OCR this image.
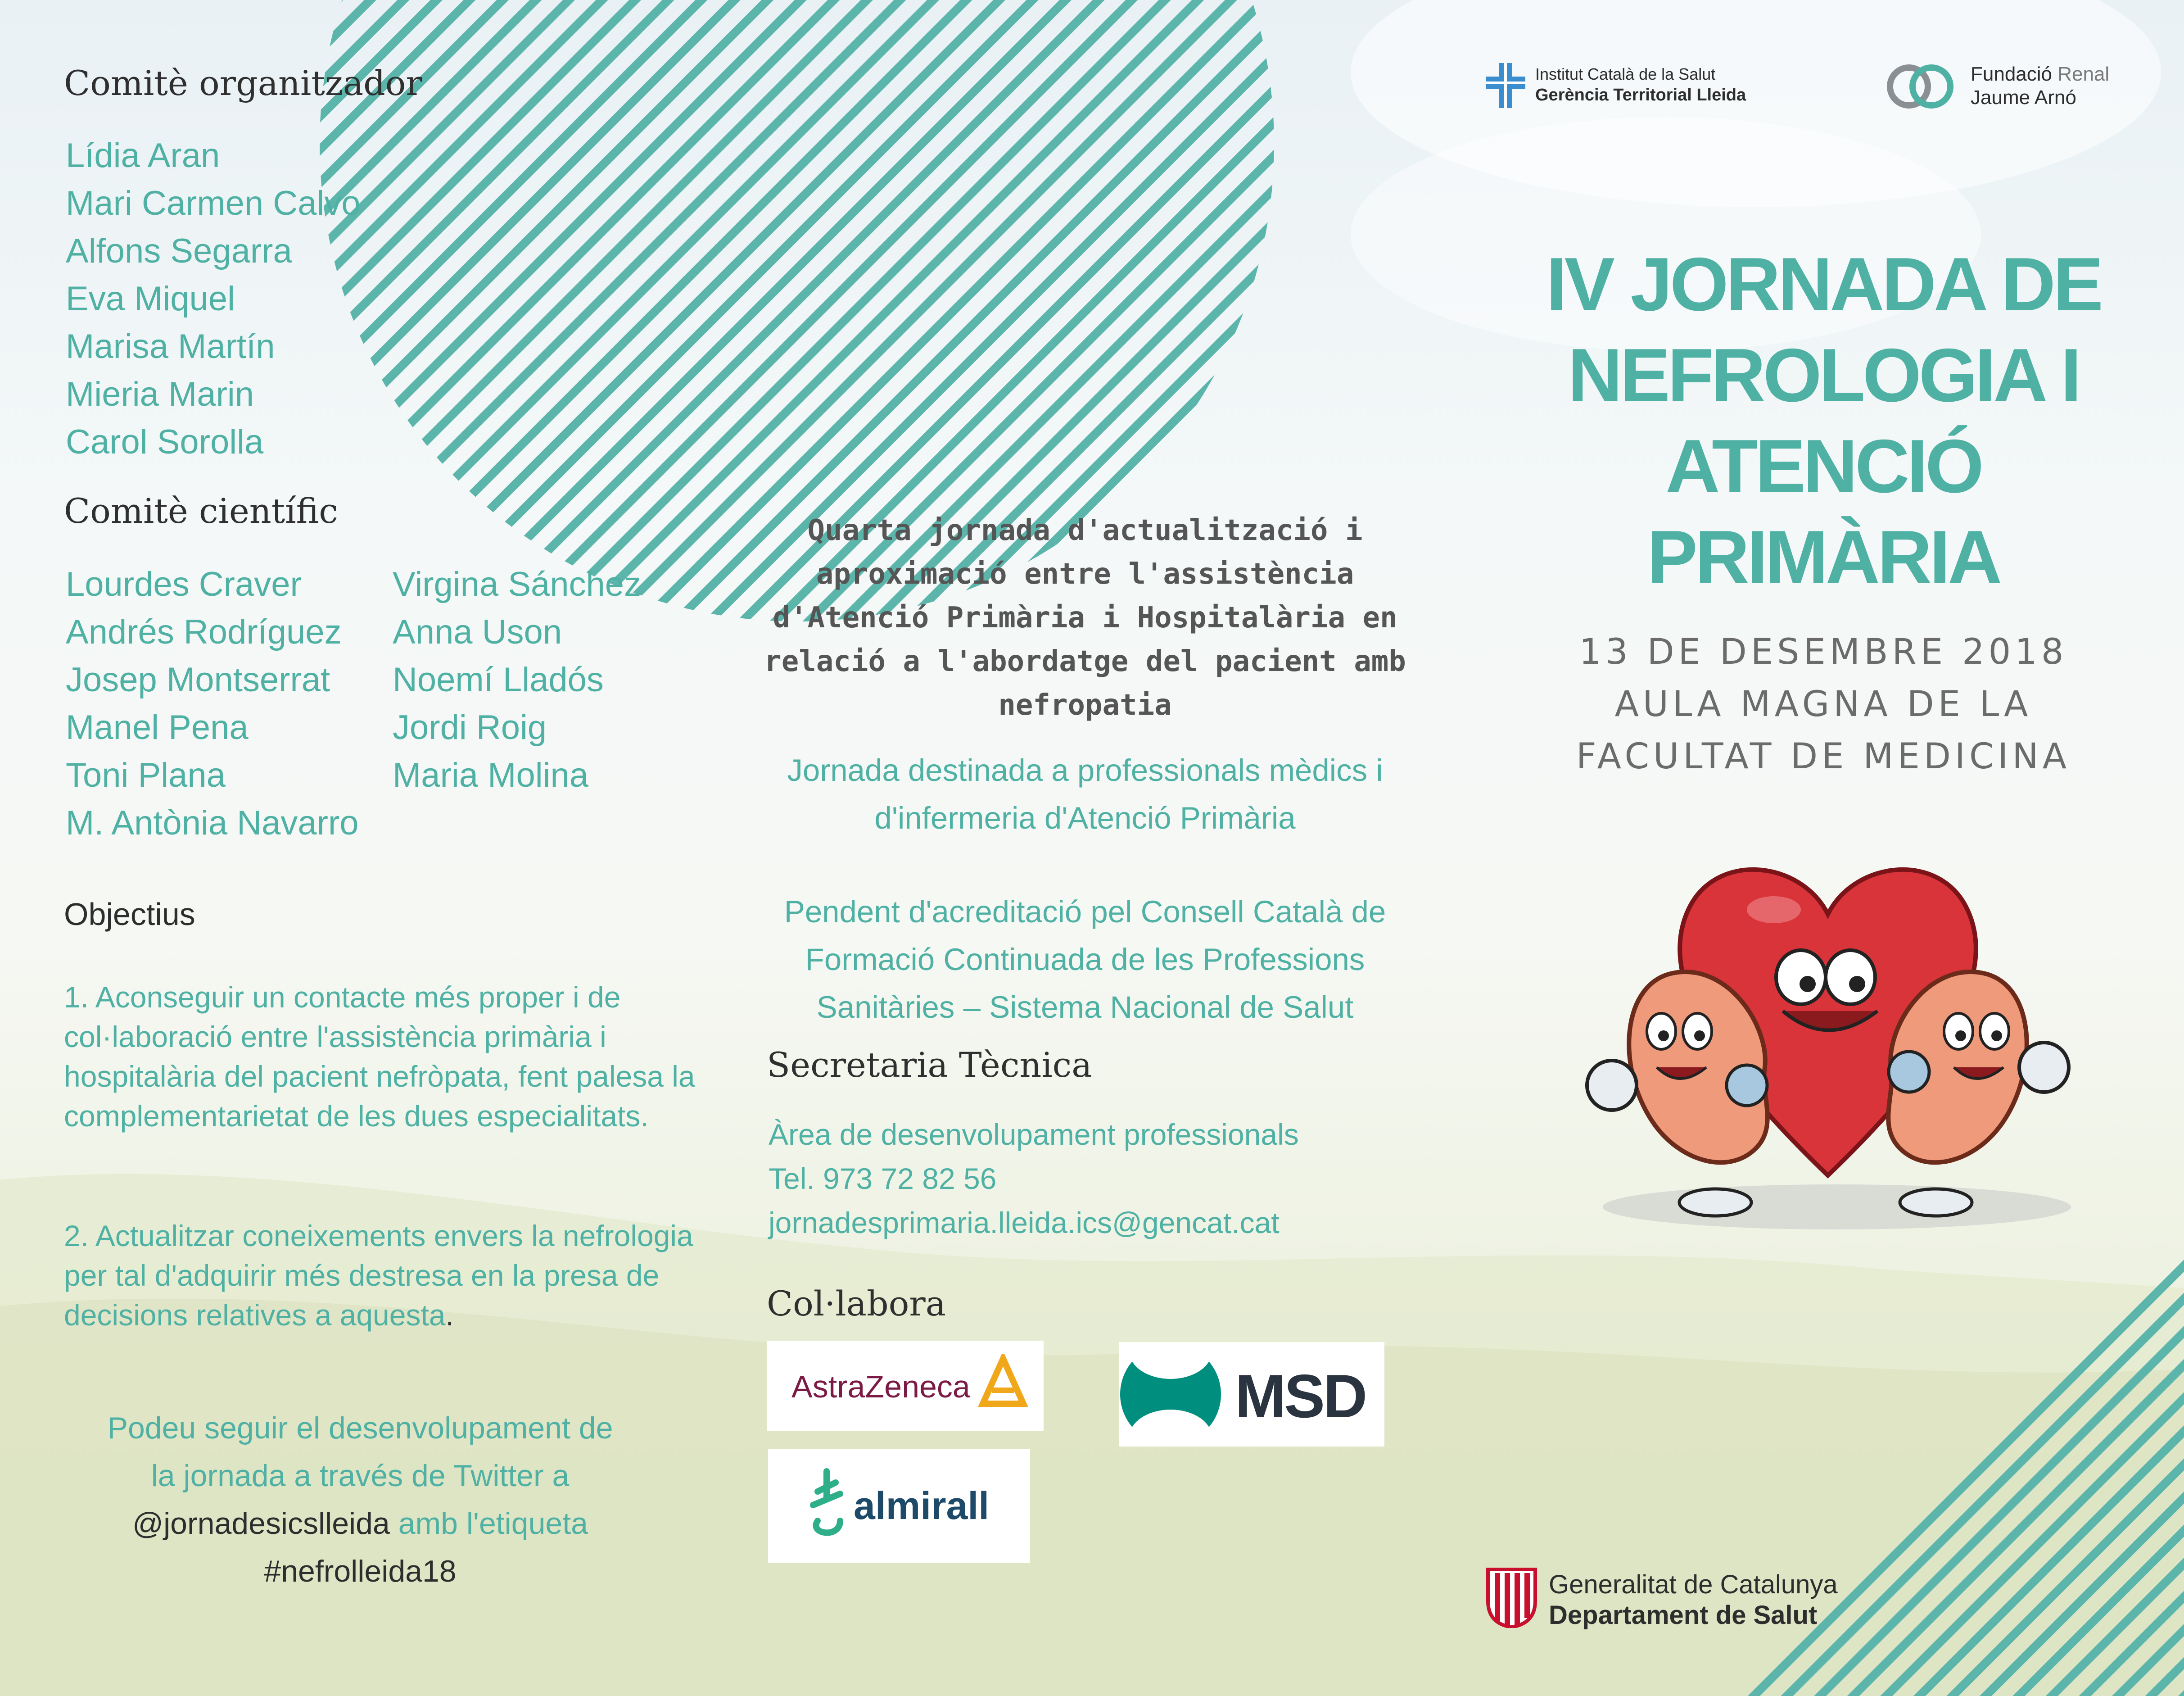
Comitè organitzador
Lídia Aran
Mari Carmen Calvo
Alfons Segarra
Eva Miquel
Marisa Martín
Mieria Marin
Carol Sorolla
Comitè científic
Lourdes Craver
Andrés Rodríguez
Josep Montserrat
Manel Pena
Toni Plana
M. Antònia Navarro
Virgina Sánchez
Anna Uson
Noemí Lladós
Jordi Roig
Maria Molina
Objectius
1. Aconseguir un contacte més proper i de col·laboració entre l'assistència primària i hospitalària del pacient nefròpata, fent palesa la complementarietat de les dues especialitats.
2. Actualitzar coneixements envers la nefrologia per tal d'adquirir més destresa en la presa de decisions relatives a aquesta.
Podeu seguir el desenvolupament de
la jornada a través de Twitter a
@jornadesicslleida amb l'etiqueta
#nefrolleida18
Quarta jornada d'actualització i aproximació entre l'assistència d'Atenció Primària i Hospitalària en relació a l'abordatge del pacient amb nefropatia
Jornada destinada a professionals mèdics i d'infermeria d'Atenció Primària
Pendent d'acreditació pel Consell Català de Formació Continuada de les Professions Sanitàries – Sistema Nacional de Salut
Secretaria Tècnica
Àrea de desenvolupament professionals
Tel. 973 72 82 56
jornadesprimaria.lleida.ics@gencat.cat
Col·labora
AstraZeneca	MSD
almirall
Institut Català de la Salut
Gerència Territorial Lleida
Fundació Renal
Jaume Arnó
IV JORNADA DE
NEFROLOGIA I
ATENCIÓ
PRIMÀRIA
13 DE DESEMBRE 2018
AULA MAGNA DE LA
FACULTAT DE MEDICINA
Generalitat de Catalunya
Departament de Salut
